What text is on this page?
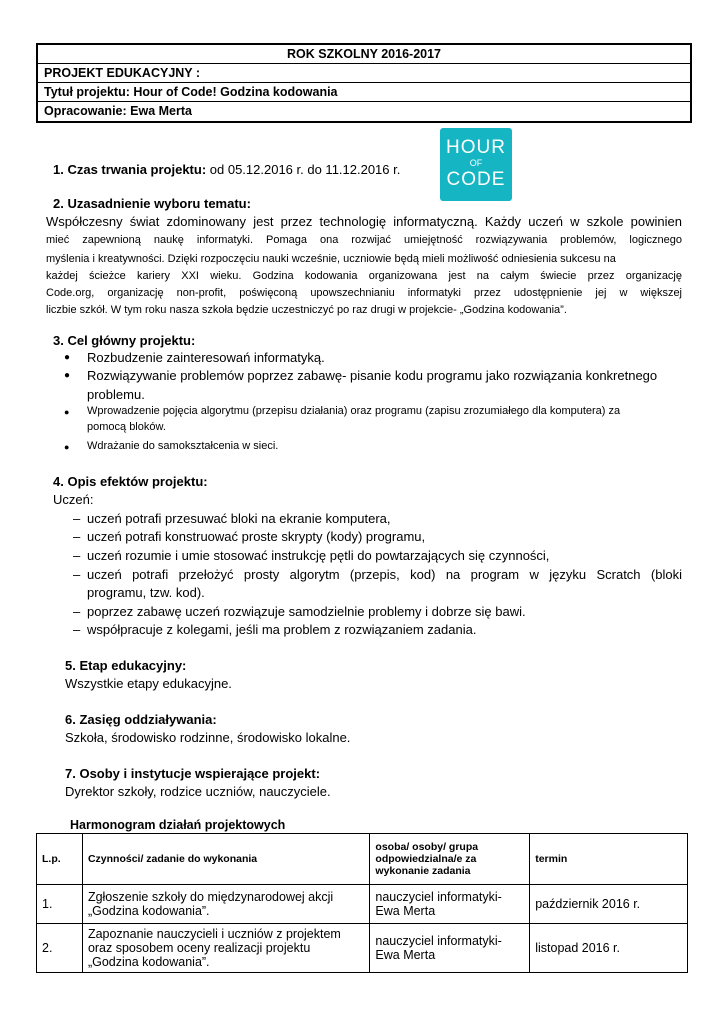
ROK SZKOLNY 2016-2017
PROJEKT EDUKACYJNY :
Tytuł projektu: Hour of Code! Godzina kodowania
Opracowanie: Ewa Merta
HOUR
OF
CODE
1. Czas trwania projektu: od 05.12.2016 r. do 11.12.2016 r.
2. Uzasadnienie wyboru tematu:
Współczesny świat zdominowany jest przez technologię informatyczną. Każdy uczeń w szkole powinien
mieć zapewnioną naukę informatyki. Pomaga ona rozwijać umiejętność rozwiązywania problemów, logicznego
myślenia i kreatywności. Dzięki rozpoczęciu nauki wcześnie, uczniowie będą mieli możliwość odniesienia sukcesu na
każdej ścieżce kariery XXI wieku. Godzina kodowania organizowana jest na całym świecie przez organizację
Code.org, organizację non-profit, poświęconą upowszechnianiu informatyki przez udostępnienie jej w większej
liczbie szkół. W tym roku nasza szkoła będzie uczestniczyć po raz drugi w projekcie- „Godzina kodowania”.
3. Cel główny projektu:
● Rozbudzenie zainteresowań informatyką.
● Rozwiązywanie problemów poprzez zabawę- pisanie kodu programu jako rozwiązania konkretnego
problemu.
● Wprowadzenie pojęcia algorytmu (przepisu działania) oraz programu (zapisu zrozumiałego dla komputera) za
pomocą bloków.
● Wdrażanie do samokształcenia w sieci.
4. Opis efektów projektu:
Uczeń:
– uczeń potrafi przesuwać bloki na ekranie komputera,
– uczeń potrafi konstruować proste skrypty (kody) programu,
– uczeń rozumie i umie stosować instrukcję pętli do powtarzających się czynności,
– uczeń potrafi przełożyć prosty algorytm (przepis, kod) na program w języku Scratch (bloki
programu, tzw. kod).
– poprzez zabawę uczeń rozwiązuje samodzielnie problemy i dobrze się bawi.
– współpracuje z kolegami, jeśli ma problem z rozwiązaniem zadania.
5. Etap edukacyjny:
Wszystkie etapy edukacyjne.
6. Zasięg oddziaływania:
Szkoła, środowisko rodzinne, środowisko lokalne.
7. Osoby i instytucje wspierające projekt:
Dyrektor szkoły, rodzice uczniów, nauczyciele.
Harmonogram działań projektowych
L.p.	Czynności/ zadanie do wykonania	osoba/ osoby/ grupa odpowiedzialna/e za wykonanie zadania	termin
1.	Zgłoszenie szkoły do międzynarodowej akcji „Godzina kodowania”.	nauczyciel informatyki- Ewa Merta	październik 2016 r.
2.	Zapoznanie nauczycieli i uczniów z projektem oraz sposobem oceny realizacji projektu „Godzina kodowania”.	nauczyciel informatyki- Ewa Merta	listopad 2016 r.
